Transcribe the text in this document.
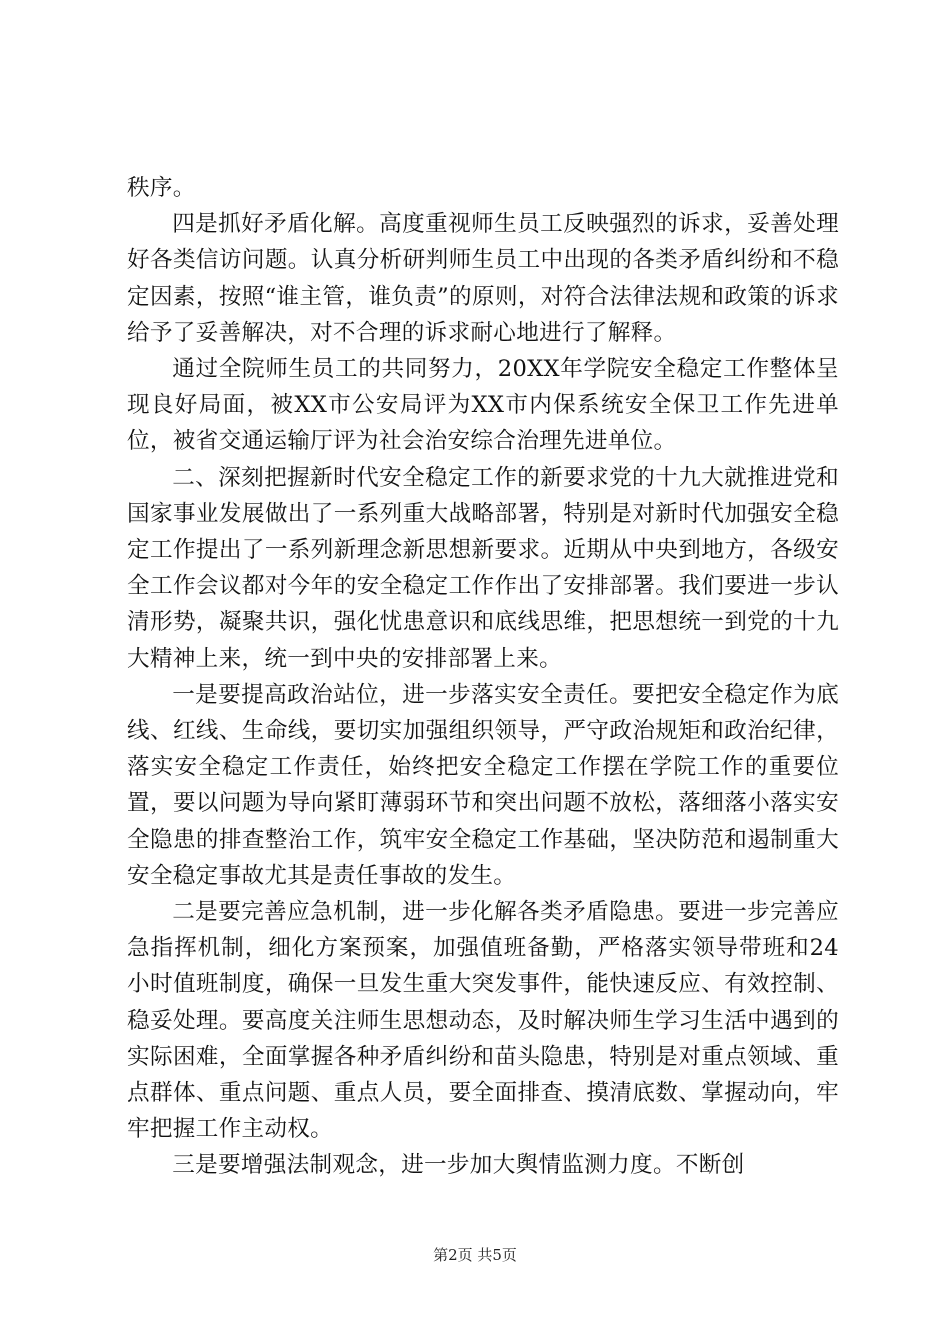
秩序。

四是抓好矛盾化解。高度重视师生员工反映强烈的诉求，妥善处理好各类信访问题。认真分析研判师生员工中出现的各类矛盾纠纷和不稳定因素，按照“谁主管，谁负责”的原则，对符合法律法规和政策的诉求给予了妥善解决，对不合理的诉求耐心地进行了解释。

通过全院师生员工的共同努力，20XX年学院安全稳定工作整体呈现良好局面，被XX市公安局评为XX市内保系统安全保卫工作先进单位，被省交通运输厅评为社会治安综合治理先进单位。

二、深刻把握新时代安全稳定工作的新要求党的十九大就推进党和国家事业发展做出了一系列重大战略部署，特别是对新时代加强安全稳定工作提出了一系列新理念新思想新要求。近期从中央到地方，各级安全工作会议都对今年的安全稳定工作作出了安排部署。我们要进一步认清形势，凝聚共识，强化忧患意识和底线思维，把思想统一到党的十九大精神上来，统一到中央的安排部署上来。

一是要提高政治站位，进一步落实安全责任。要把安全稳定作为底线、红线、生命线，要切实加强组织领导，严守政治规矩和政治纪律，落实安全稳定工作责任，始终把安全稳定工作摆在学院工作的重要位置，要以问题为导向紧盯薄弱环节和突出问题不放松，落细落小落实安全隐患的排查整治工作，筑牢安全稳定工作基础，坚决防范和遏制重大安全稳定事故尤其是责任事故的发生。

二是要完善应急机制，进一步化解各类矛盾隐患。要进一步完善应急指挥机制，细化方案预案，加强值班备勤，严格落实领导带班和24小时值班制度，确保一旦发生重大突发事件，能快速反应、有效控制、稳妥处理。要高度关注师生思想动态，及时解决师生学习生活中遇到的实际困难，全面掌握各种矛盾纠纷和苗头隐患，特别是对重点领域、重点群体、重点问题、重点人员，要全面排查、摸清底数、掌握动向，牢牢把握工作主动权。

三是要增强法制观念，进一步加大舆情监测力度。不断创

第2页 共5页
